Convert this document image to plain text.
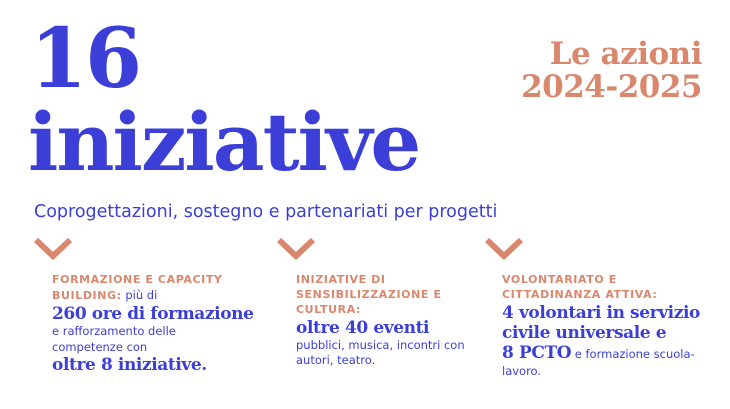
16
iniziative
Le azioni
2024-2025
Coprogettazioni, sostegno e partenariati per progetti
FORMAZIONE E CAPACITY BUILDING: più di
260 ore di formazione
e rafforzamento delle competenze con
oltre 8 iniziative.
INIZIATIVE DI SENSIBILIZZAZIONE E CULTURA:
oltre 40 eventi
pubblici, musica, incontri con autori, teatro.
VOLONTARIATO E CITTADINANZA ATTIVA:
4 volontari in servizio civile universale e
8 PCTO e formazione scuola-lavoro.
